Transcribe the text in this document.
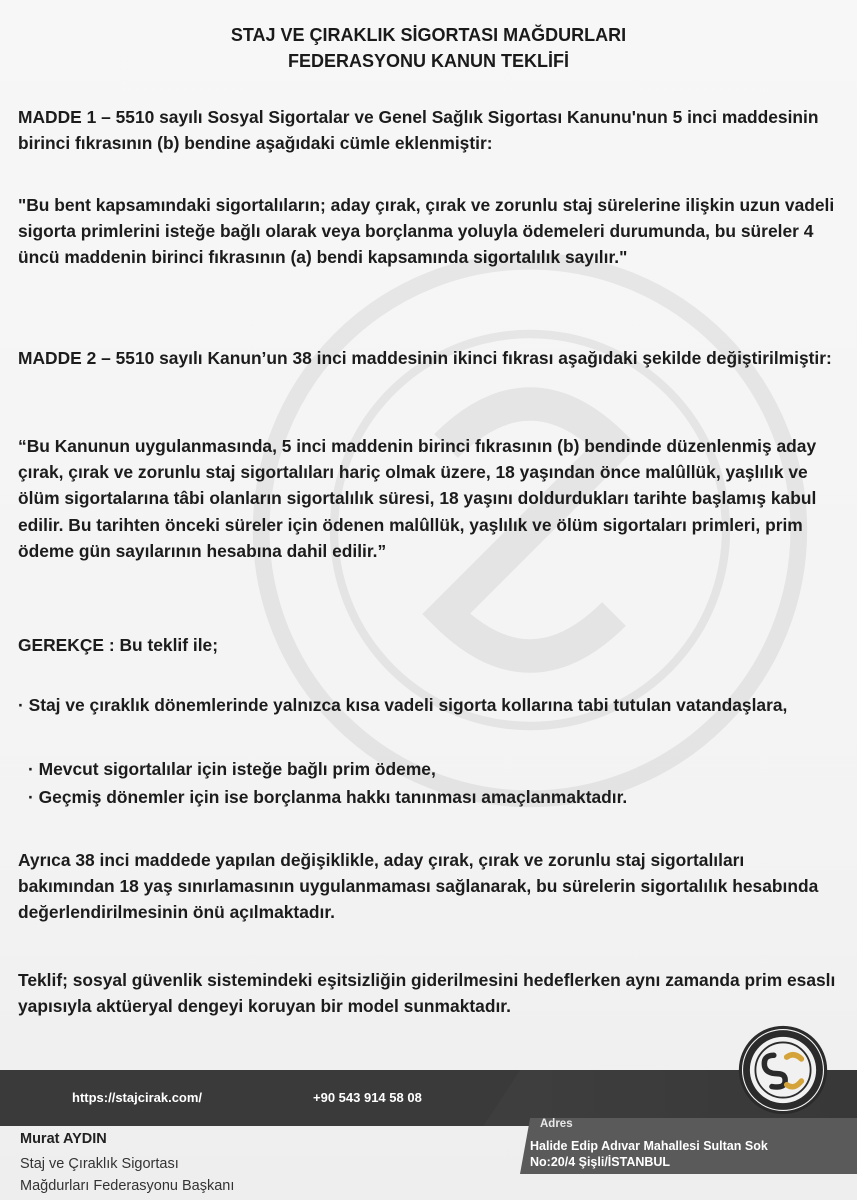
STAJ VE ÇIRAKLIK SİGORTASI MAĞDURLARI
FEDERASYONU KANUN TEKLİFİ

MADDE 1 – 5510 sayılı Sosyal Sigortalar ve Genel Sağlık Sigortası Kanunu'nun 5 inci maddesinin birinci fıkrasının (b) bendine aşağıdaki cümle eklenmiştir:

"Bu bent kapsamındaki sigortalıların; aday çırak, çırak ve zorunlu staj sürelerine ilişkin uzun vadeli sigorta primlerini isteğe bağlı olarak veya borçlanma yoluyla ödemeleri durumunda, bu süreler 4 üncü maddenin birinci fıkrasının (a) bendi kapsamında sigortalılık sayılır."

MADDE 2 – 5510 sayılı Kanun’un 38 inci maddesinin ikinci fıkrası aşağıdaki şekilde değiştirilmiştir:

“Bu Kanunun uygulanmasında, 5 inci maddenin birinci fıkrasının (b) bendinde düzenlenmiş aday çırak, çırak ve zorunlu staj sigortalıları hariç olmak üzere, 18 yaşından önce malûllük, yaşlılık ve ölüm sigortalarına tâbi olanların sigortalılık süresi, 18 yaşını doldurdukları tarihte başlamış kabul edilir. Bu tarihten önceki süreler için ödenen malûllük, yaşlılık ve ölüm sigortaları primleri, prim ödeme gün sayılarının hesabına dahil edilir.”

GEREKÇE : Bu teklif ile;

· Staj ve çıraklık dönemlerinde yalnızca kısa vadeli sigorta kollarına tabi tutulan vatandaşlara,

· Mevcut sigortalılar için isteğe bağlı prim ödeme,

· Geçmiş dönemler için ise borçlanma hakkı tanınması amaçlanmaktadır.

Ayrıca 38 inci maddede yapılan değişiklikle, aday çırak, çırak ve zorunlu staj sigortalıları bakımından 18 yaş sınırlamasının uygulanmaması sağlanarak, bu sürelerin sigortalılık hesabında değerlendirilmesinin önü açılmaktadır.

Teklif; sosyal güvenlik sistemindeki eşitsizliğin giderilmesini hedeflerken aynı zamanda prim esaslı yapısıyla aktüeryal dengeyi koruyan bir model sunmaktadır.

https://stajcirak.com/	+90 543 914 58 08
Adres
Halide Edip Adıvar Mahallesi Sultan Sok
No:20/4 Şişli/İSTANBUL
Murat AYDIN
Staj ve Çıraklık Sigortası
Mağdurları Federasyonu Başkanı
